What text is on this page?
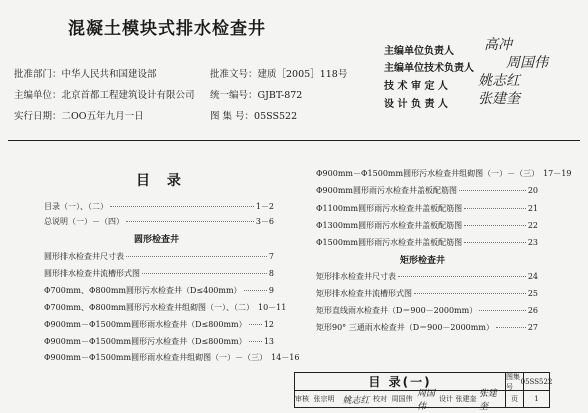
混凝土模块式排水检查井
批准部门：中华人民共和国建设部	批准文号：建质［2005］118号
主编单位：北京首都工程建筑设计有限公司 统一编号：GJBT-872
实行日期：二OO五年九月一日	图 集 号：05SS522
主编单位负责人 高冲
主编单位技术负责人 周国伟
技 术 审 定 人 姚志红
设 计 负 责 人 张建奎
目 录
目录（一）、（二）	1－2
总说明（一）－（四）	3－6
圆形检查井
圆形排水检查井尺寸表	7
圆形排水检查井流槽形式图	8
Φ700mm、Φ800mm圆形污水检查井（D≤400mm）	9
Φ700mm、Φ800mm圆形污水检查井组砌图（一）、（二） 10－11
Φ900mm－Φ1500mm圆形雨水检查井（D≤800mm） 12
Φ900mm－Φ1500mm圆形污水检查井（D≤800mm） 13
Φ900mm－Φ1500mm圆形雨水检查井组砌图（一）－（三） 14－16
Φ900mm－Φ1500mm圆形污水检查井组砌图（一）－（三） 17－19
Φ900mm圆形雨污水检查井盖板配筋图	20
Φ1100mm圆形雨污水检查井盖板配筋图	21
Φ1300mm圆形雨污水检查井盖板配筋图	22
Φ1500mm圆形雨污水检查井盖板配筋图	23
矩形检查井
矩形排水检查井尺寸表	24
矩形排水检查井流槽形式图	25
矩形直线雨水检查井（D＝900－2000mm）	26
矩形90° 三通雨水检查井（D＝900－2000mm）	27
目 录(一)	图集号
05SS522
审核 张宗明 姚志红 校对 周国伟 周国伟
设计 张建奎 张建奎
页	1
